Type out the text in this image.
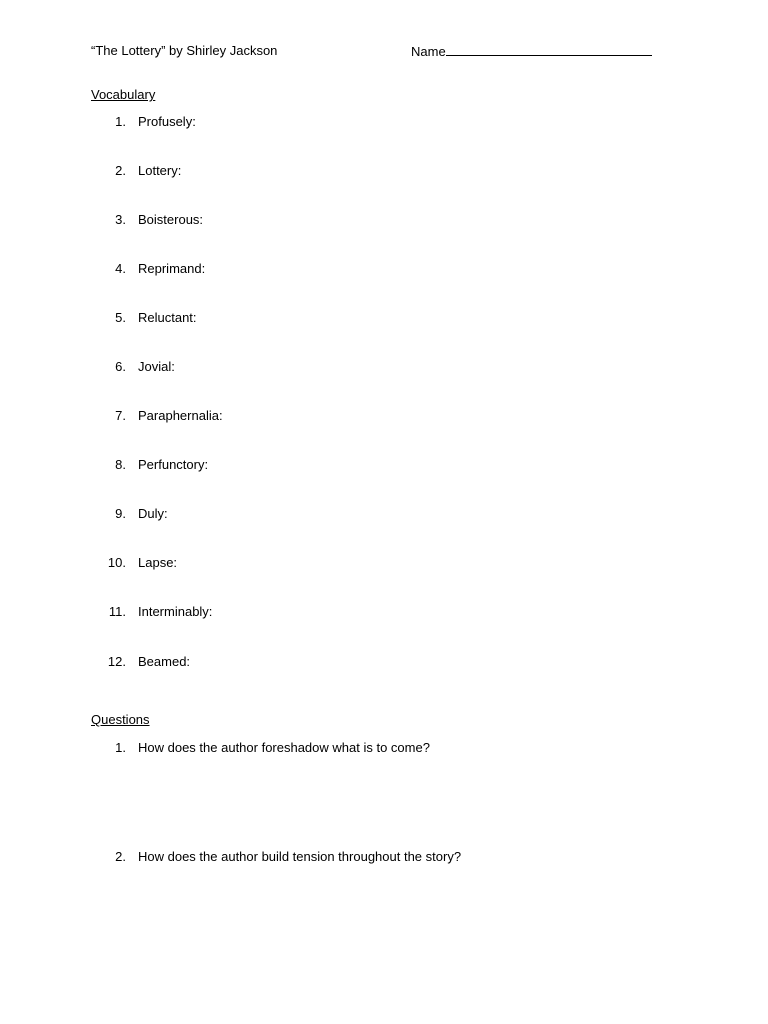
“The Lottery” by Shirley Jackson	Name
Vocabulary
1. Profusely:
2. Lottery:
3. Boisterous:
4. Reprimand:
5. Reluctant:
6. Jovial:
7. Paraphernalia:
8. Perfunctory:
9. Duly:
10. Lapse:
11. Interminably:
12. Beamed:
Questions
1. How does the author foreshadow what is to come?
2. How does the author build tension throughout the story?
